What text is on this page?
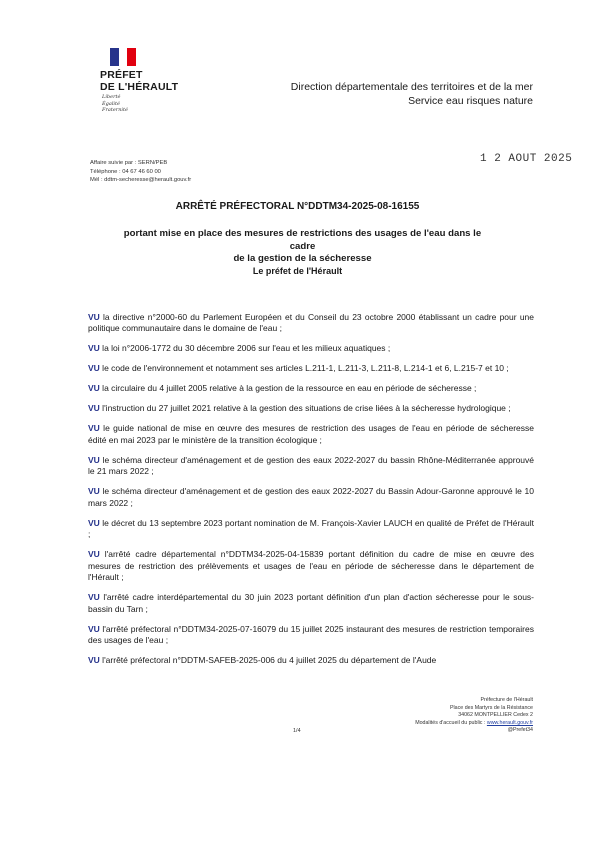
PRÉFET
DE L'HÉRAULT
Liberté
Égalité
Fraternité
Direction départementale des territoires et de la mer
Service eau risques nature
Affaire suivie par : SERN/PEB
Téléphone : 04 67 46 60 00
Mél : ddtm-secheresse@herault.gouv.fr
1 2 AOUT 2025
ARRÊTÉ PRÉFECTORAL N°DDTM34-2025-08-16155
portant mise en place des mesures de restrictions des usages de l'eau dans le cadre
de la gestion de la sécheresse
Le préfet de l'Hérault

VU la directive n°2000-60 du Parlement Européen et du Conseil du 23 octobre 2000 établissant un cadre pour une politique communautaire dans le domaine de l'eau ;

VU la loi n°2006-1772 du 30 décembre 2006 sur l'eau et les milieux aquatiques ;

VU le code de l'environnement et notamment ses articles L.211-1, L.211-3, L.211-8, L.214-1 et 6, L.215-7 et 10 ;

VU la circulaire du 4 juillet 2005 relative à la gestion de la ressource en eau en période de sécheresse ;

VU l'instruction du 27 juillet 2021 relative à la gestion des situations de crise liées à la sécheresse hydrologique ;

VU le guide national de mise en œuvre des mesures de restriction des usages de l'eau en période de sécheresse édité en mai 2023 par le ministère de la transition écologique ;

VU le schéma directeur d'aménagement et de gestion des eaux 2022-2027 du bassin Rhône-Méditerranée approuvé le 21 mars 2022 ;

VU le schéma directeur d'aménagement et de gestion des eaux 2022-2027 du Bassin Adour-Garonne approuvé le 10 mars 2022 ;

VU le décret du 13 septembre 2023 portant nomination de M. François-Xavier LAUCH en qualité de Préfet de l'Hérault ;

VU l'arrêté cadre départemental n°DDTM34-2025-04-15839 portant définition du cadre de mise en œuvre des mesures de restriction des prélèvements et usages de l'eau en période de sécheresse dans le département de l'Hérault ;

VU l'arrêté cadre interdépartemental du 30 juin 2023 portant définition d'un plan d'action sécheresse pour le sous-bassin du Tarn ;

VU l'arrêté préfectoral n°DDTM34-2025-07-16079 du 15 juillet 2025 instaurant des mesures de restriction temporaires des usages de l'eau ;

VU l'arrêté préfectoral n°DDTM-SAFEB-2025-006 du 4 juillet 2025 du département de l'Aude

1/4
Préfecture de l'Hérault
Place des Martyrs de la Résistance
34062 MONTPELLIER Cedex 2
Modalités d'accueil du public : www.herault.gouv.fr
@Prefet34
